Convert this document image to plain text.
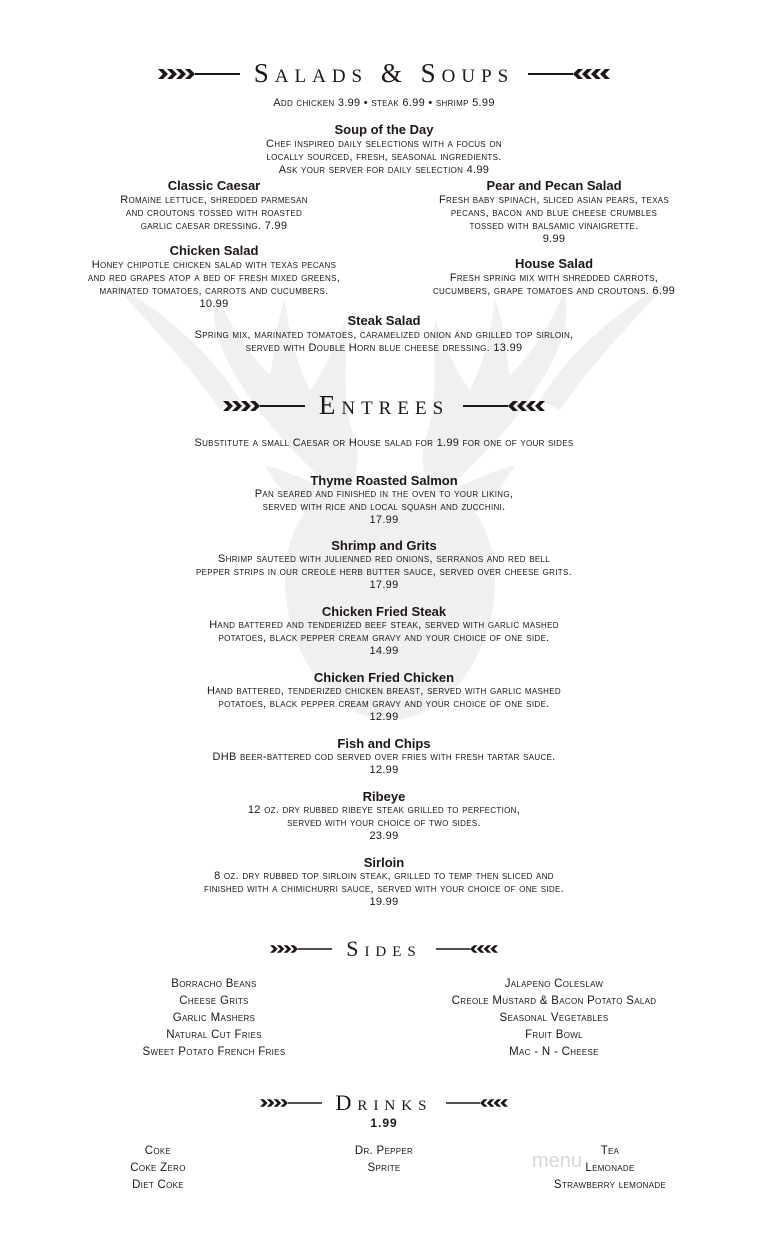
Salads & Soups
Add chicken 3.99 • steak 6.99 • shrimp 5.99
Soup of the Day
Chef inspired daily selections with a focus on
locally sourced, fresh, seasonal ingredients.
Ask your server for daily selection 4.99
Classic Caesar
Romaine lettuce, shredded parmesan
and croutons tossed with roasted
garlic caesar dressing. 7.99
Pear and Pecan Salad
Fresh baby spinach, sliced asian pears, texas
pecans, bacon and blue cheese crumbles
tossed with balsamic vinaigrette.
9.99
Chicken Salad
Honey chipotle chicken salad with texas pecans
and red grapes atop a bed of fresh mixed greens,
marinated tomatoes, carrots and cucumbers.
10.99
House Salad
Fresh spring mix with shredded carrots,
cucumbers, grape tomatoes and croutons. 6.99
Steak Salad
Spring mix, marinated tomatoes, caramelized onion and grilled top sirloin,
served with Double Horn blue cheese dressing. 13.99
Entrees
Substitute a small Caesar or House salad for 1.99 for one of your sides
Thyme Roasted Salmon
Pan seared and finished in the oven to your liking,
served with rice and local squash and zucchini.
17.99
Shrimp and Grits
Shrimp sauteed with julienned red onions, serranos and red bell
pepper strips in our creole herb butter sauce, served over cheese grits.
17.99
Chicken Fried Steak
Hand battered and tenderized beef steak, served with garlic mashed
potatoes, black pepper cream gravy and your choice of one side.
14.99
Chicken Fried Chicken
Hand battered, tenderized chicken breast, served with garlic mashed
potatoes, black pepper cream gravy and your choice of one side.
12.99
Fish and Chips
DHB beer-battered cod served over fries with fresh tartar sauce.
12.99
Ribeye
12 oz. dry rubbed ribeye steak grilled to perfection,
served with your choice of two sides.
23.99
Sirloin
8 oz. dry rubbed top sirloin steak, grilled to temp then sliced and
finished with a chimichurri sauce, served with your choice of one side.
19.99
Sides
Borracho Beans
Cheese Grits
Garlic Mashers
Natural Cut Fries
Sweet Potato French Fries
Jalapeno Coleslaw
Creole Mustard & Bacon Potato Salad
Seasonal Vegetables
Fruit Bowl
Mac - N - Cheese
Drinks
1.99
Coke
Coke Zero
Diet Coke
Dr. Pepper
Sprite
Tea
Lemonade
Strawberry lemonade
menu
